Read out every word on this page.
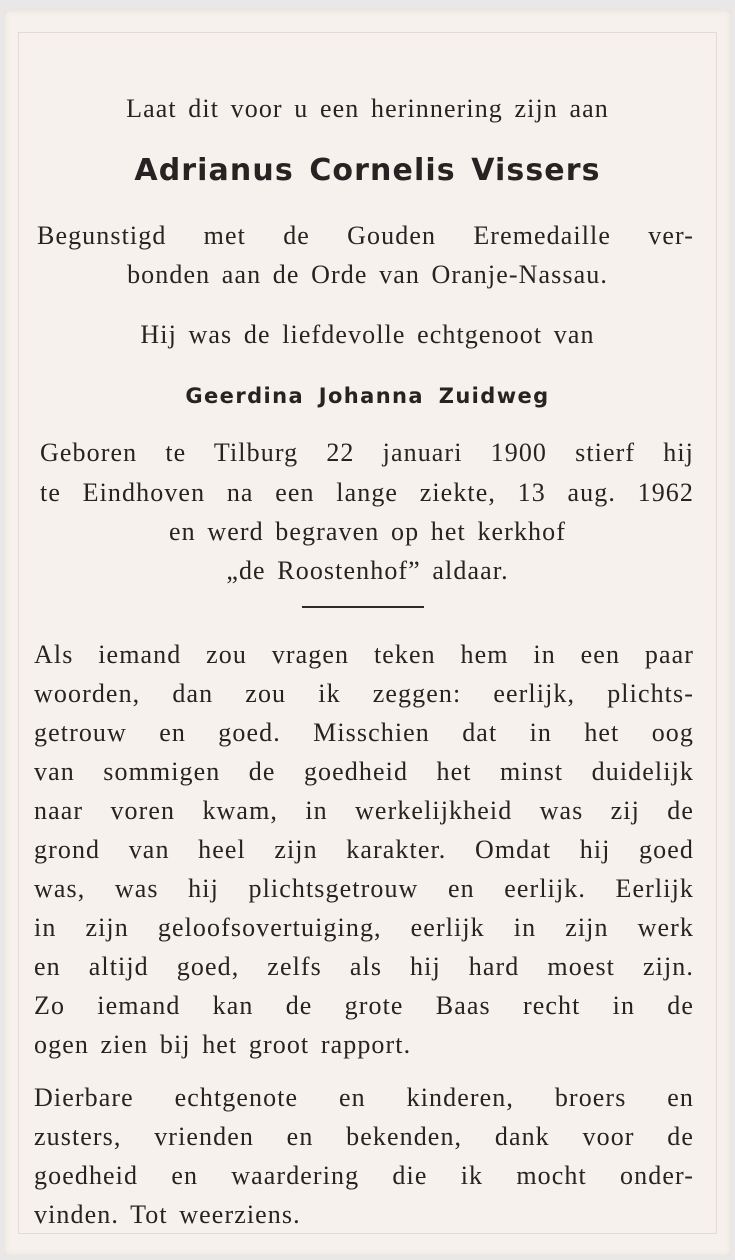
Laat dit voor u een herinnering zijn aan
Adrianus Cornelis Vissers
Begunstigd met de Gouden Eremedaille ver-
bonden aan de Orde van Oranje-Nassau.
Hij was de liefdevolle echtgenoot van
Geerdina Johanna Zuidweg
Geboren te Tilburg 22 januari 1900 stierf hij
te Eindhoven na een lange ziekte, 13 aug. 1962
en werd begraven op het kerkhof
„de Roostenhof” aldaar.
Als iemand zou vragen teken hem in een paar
woorden, dan zou ik zeggen: eerlijk, plichts-
getrouw en goed. Misschien dat in het oog
van sommigen de goedheid het minst duidelijk
naar voren kwam, in werkelijkheid was zij de
grond van heel zijn karakter. Omdat hij goed
was, was hij plichtsgetrouw en eerlijk. Eerlijk
in zijn geloofsovertuiging, eerlijk in zijn werk
en altijd goed, zelfs als hij hard moest zijn.
Zo iemand kan de grote Baas recht in de
ogen zien bij het groot rapport.
Dierbare echtgenote en kinderen, broers en
zusters, vrienden en bekenden, dank voor de
goedheid en waardering die ik mocht onder-
vinden. Tot weerziens.
